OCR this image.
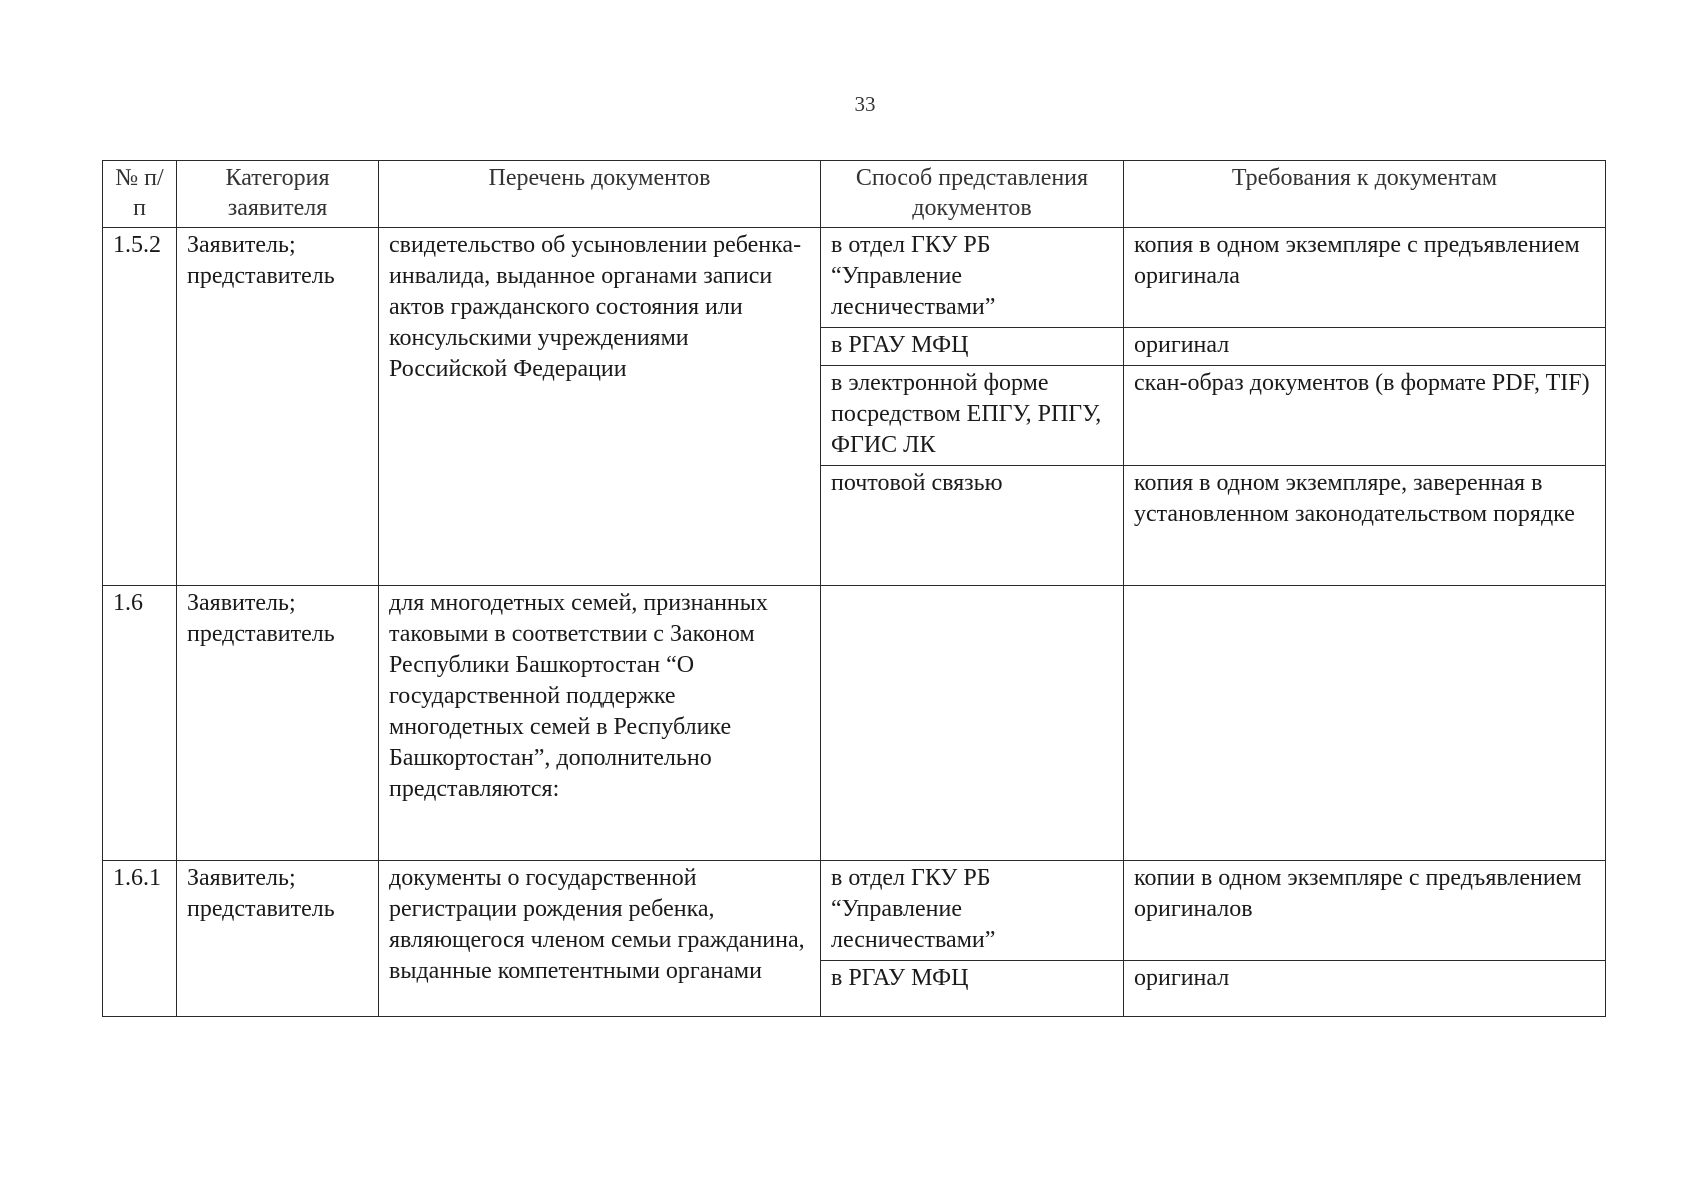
33
№ п/п	Категория заявителя	Перечень документов	Способ представления документов	Требования к документам
1.5.2	Заявитель; представитель	свидетельство об усыновлении ребенка-инвалида, выданное органами записи актов гражданского состояния или консульскими учреждениями Российской Федерации	в отдел ГКУ РБ “Управление лесничествами”	копия в одном экземпляре с предъявлением оригинала
			в РГАУ МФЦ	оригинал
			в электронной форме посредством ЕПГУ, РПГУ, ФГИС ЛК	скан-образ документов (в формате PDF, TIF)
			почтовой связью	копия в одном экземпляре, заверенная в установленном законодательством порядке
1.6	Заявитель; представитель	для многодетных семей, признанных таковыми в соответствии с Законом Республики Башкортостан “О государственной поддержке многодетных семей в Республике Башкортостан”, дополнительно представляются:		
1.6.1	Заявитель; представитель	документы о государственной регистрации рождения ребенка, являющегося членом семьи гражданина, выданные компетентными органами	в отдел ГКУ РБ “Управление лесничествами”	копии в одном экземпляре с предъявлением оригиналов
			в РГАУ МФЦ	оригинал
